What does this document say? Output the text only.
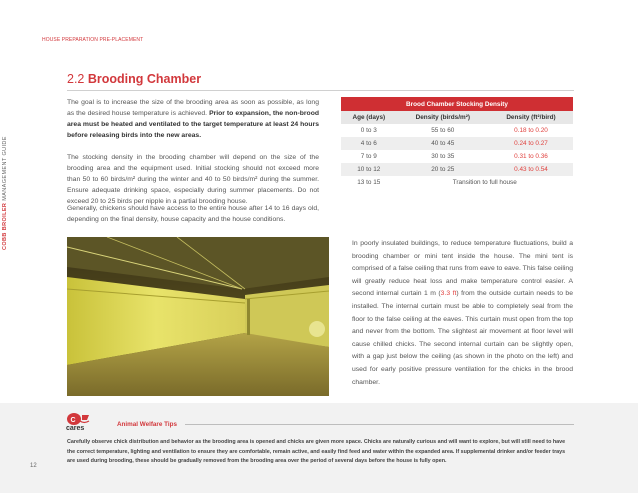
HOUSE PREPARATION PRE-PLACEMENT
COBB BROILER MANAGEMENT GUIDE
2.2 Brooding Chamber

The goal is to increase the size of the brooding area as soon as possible, as long as the desired house temperature is achieved. Prior to expansion, the non-brood area must be heated and ventilated to the target temperature at least 24 hours before releasing birds into the new areas.

The stocking density in the brooding chamber will depend on the size of the brooding area and the equipment used. Initial stocking should not exceed more than 50 to 60 birds/m² during the winter and 40 to 50 birds/m² during the summer. Ensure adequate drinking space, especially during summer placements. Do not exceed 20 to 25 birds per nipple in a partial brooding house.

Generally, chickens should have access to the entire house after 14 to 16 days old, depending on the final density, house capacity and the house conditions.

Brood Chamber Stocking Density		
Age (days)	Density (birds/m²)	Density (ft²/bird)
0 to 3	55 to 60	0.18 to 0.20
4 to 6	40 to 45	0.24 to 0.27
7 to 9	30 to 35	0.31 to 0.36
10 to 12	20 to 25	0.43 to 0.54
13 to 15	Transition to full house	

In poorly insulated buildings, to reduce temperature fluctuations, build a brooding chamber or mini tent inside the house. The mini tent is comprised of a false ceiling that runs from eave to eave. This false ceiling will greatly reduce heat loss and make temperature control easier. A second internal curtain 1 m (3.3 ft) from the outside curtain needs to be installed. The internal curtain must be able to completely seal from the floor to the false ceiling at the eaves. This curtain must open from the top and never from the bottom. The slightest air movement at floor level will cause chilled chicks. The second internal curtain can be slightly open, with a gap just below the ceiling (as shown in the photo on the left) and used for early positive pressure ventilation for the chicks in the brood chamber.

C
cares
Animal Welfare Tips

Carefully observe chick distribution and behavior as the brooding area is opened and chicks are given more space. Chicks are naturally curious and will want to explore, but will still need to have the correct temperature, lighting and ventilation to ensure they are comfortable, remain active, and easily find feed and water within the expanded area. If supplemental drinker and/or feeder trays are used during brooding, these should be gradually removed from the brooding area over the period of several days before the house is fully open.

12
